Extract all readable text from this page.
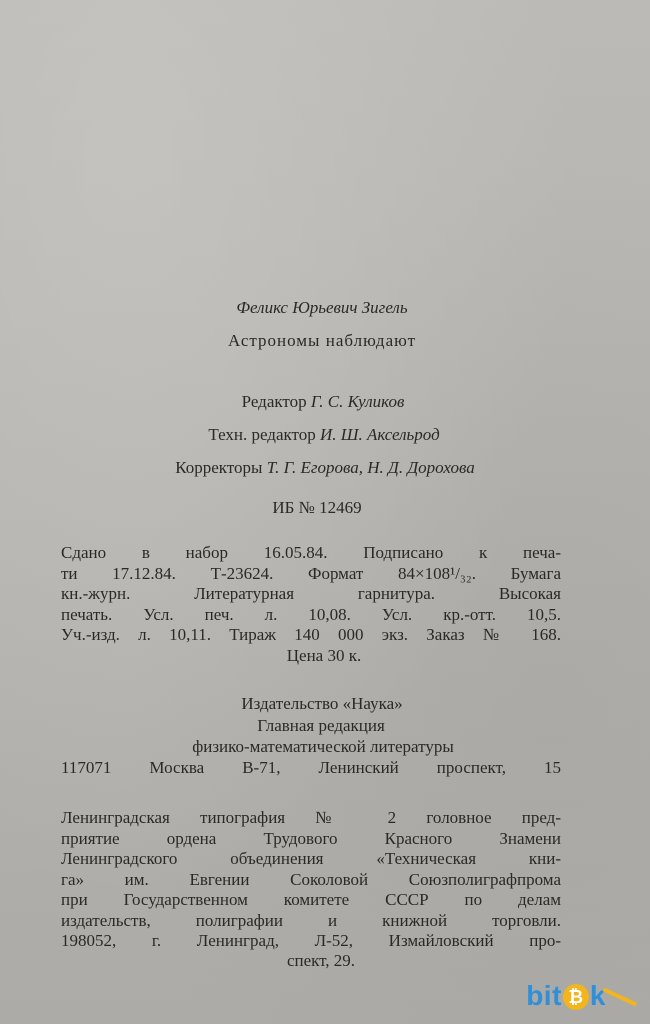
Феликс Юрьевич Зигель
Астрономы наблюдают
Редактор Г. С. Куликов
Техн. редактор И. Ш. Аксельрод
Корректоры Т. Г. Егорова, Н. Д. Дорохова
ИБ № 12469
Сдано в набор 16.05.84. Подписано к печа-
ти 17.12.84. Т-23624. Формат 84×108¹/₃₂. Бумага
кн.-журн. Литературная гарнитура. Высокая
печать. Усл. печ. л. 10,08. Усл. кр.-отт. 10,5.
Уч.-изд. л. 10,11. Тираж 140 000 экз. Заказ № 168.
Цена 30 к.
Издательство «Наука»
Главная редакция
физико-математической литературы
117071 Москва В-71, Ленинский проспект, 15
Ленинградская типография № 2 головное пред-
приятие ордена Трудового Красного Знамени
Ленинградского объединения «Техническая кни-
га» им. Евгении Соколовой Союзполиграфпрома
при Государственном комитете СССР по делам
издательств, полиграфии и книжной торговли.
198052, г. Ленинград, Л-52, Измайловский про-
спект, 29.
bit ₿ k
